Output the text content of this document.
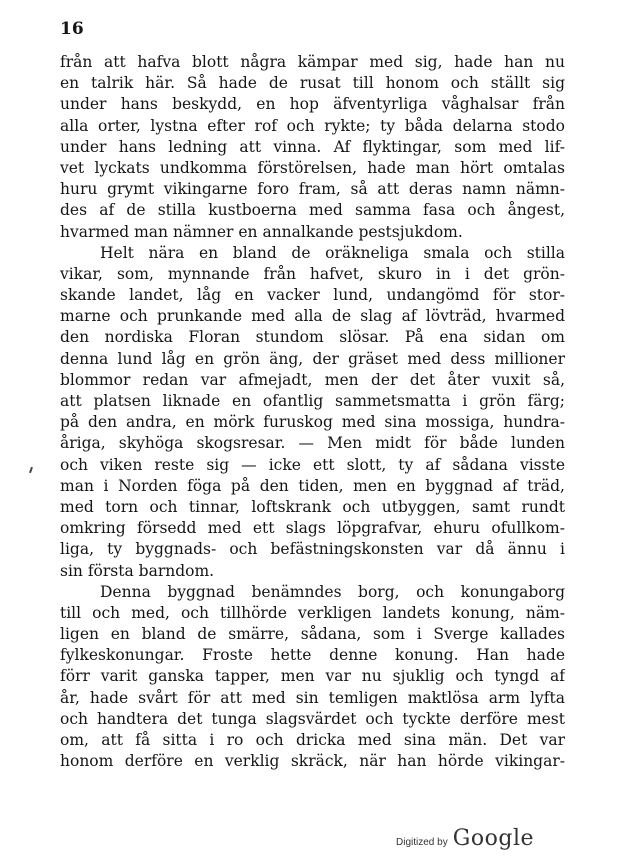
16
från att hafva blott några kämpar med sig, hade han nu
en talrik här. Så hade de rusat till honom och ställt sig
under hans beskydd, en hop äfventyrliga våghalsar från
alla orter, lystna efter rof och rykte; ty båda delarna stodo
under hans ledning att vinna. Af flyktingar, som med lif-
vet lyckats undkomma förstörelsen, hade man hört omtalas
huru grymt vikingarne foro fram, så att deras namn nämn-
des af de stilla kustboerna med samma fasa och ångest,
hvarmed man nämner en annalkande pestsjukdom.
Helt nära en bland de oräkneliga smala och stilla
vikar, som, mynnande från hafvet, skuro in i det grön-
skande landet, låg en vacker lund, undangömd för stor-
marne och prunkande med alla de slag af lövträd, hvarmed
den nordiska Floran stundom slösar. På ena sidan om
denna lund låg en grön äng, der gräset med dess millioner
blommor redan var afmejadt, men der det åter vuxit så,
att platsen liknade en ofantlig sammetsmatta i grön färg;
på den andra, en mörk furuskog med sina mossiga, hundra-
åriga, skyhöga skogsresar. — Men midt för både lunden
och viken reste sig — icke ett slott, ty af sådana visste
man i Norden föga på den tiden, men en byggnad af träd,
med torn och tinnar, loftskrank och utbyggen, samt rundt
omkring försedd med ett slags löpgrafvar, ehuru ofullkom-
liga, ty byggnads- och befästningskonsten var då ännu i
sin första barndom.
Denna byggnad benämndes borg, och konungaborg
till och med, och tillhörde verkligen landets konung, näm-
ligen en bland de smärre, sådana, som i Sverge kallades
fylkeskonungar. Froste hette denne konung. Han hade
förr varit ganska tapper, men var nu sjuklig och tyngd af
år, hade svårt för att med sin temligen maktlösa arm lyfta
och handtera det tunga slagsvärdet och tyckte derföre mest
om, att få sitta i ro och dricka med sina män. Det var
honom derföre en verklig skräck, när han hörde vikingar-
Digitized by Google
